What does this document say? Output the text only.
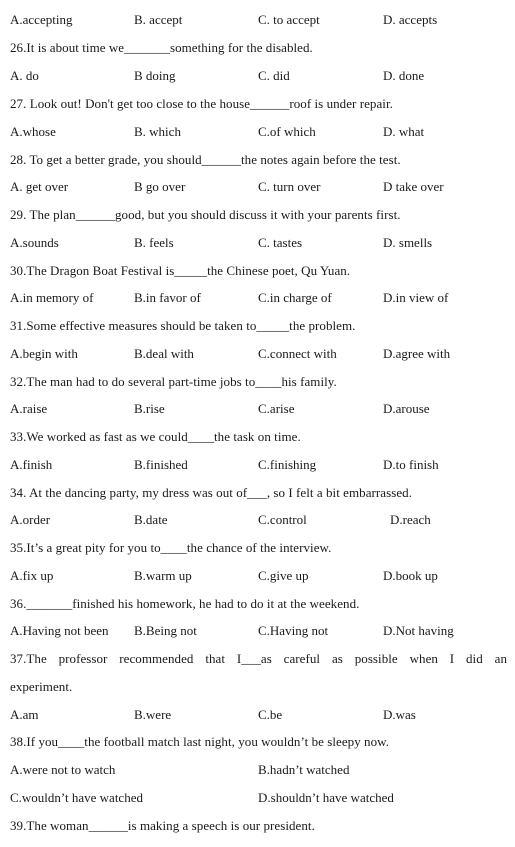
A.accepting	B. accept	C. to accept	D. accepts
26.It is about time we_______something for the disabled.
A. do	B doing	C. did	D. done
27. Look out! Don't get too close to the house______roof is under repair.
A.whose	B. which	C.of which	D. what
28. To get a better grade, you should______the notes again before the test.
A. get over	B go over	C. turn over	D take over
29. The plan______good, but you should discuss it with your parents first.
A.sounds	B. feels	C. tastes	D. smells
30.The Dragon Boat Festival is_____the Chinese poet, Qu Yuan.
A.in memory of	B.in favor of	C.in charge of	D.in view of
31.Some effective measures should be taken to_____the problem.
A.begin with	B.deal with	C.connect with	D.agree with
32.The man had to do several part-time jobs to____his family.
A.raise	B.rise	C.arise	D.arouse
33.We worked as fast as we could____the task on time.
A.finish	B.finished	C.finishing	D.to finish
34. At the dancing party, my dress was out of___, so I felt a bit embarrassed.
A.order	B.date	C.control	D.reach
35.It’s a great pity for you to____the chance of the interview.
A.fix up	B.warm up	C.give up	D.book up
36._______finished his homework, he had to do it at the weekend.
A.Having not been B.Being not	C.Having not	D.Not having
37.The professor recommended that I___as careful as possible when I did an
experiment.
A.am	B.were	C.be	D.was
38.If you____the football match last night, you wouldn’t be sleepy now.
A.were not to watch	B.hadn’t watched
C.wouldn’t have watched	D.shouldn’t have watched
39.The woman______is making a speech is our president.
